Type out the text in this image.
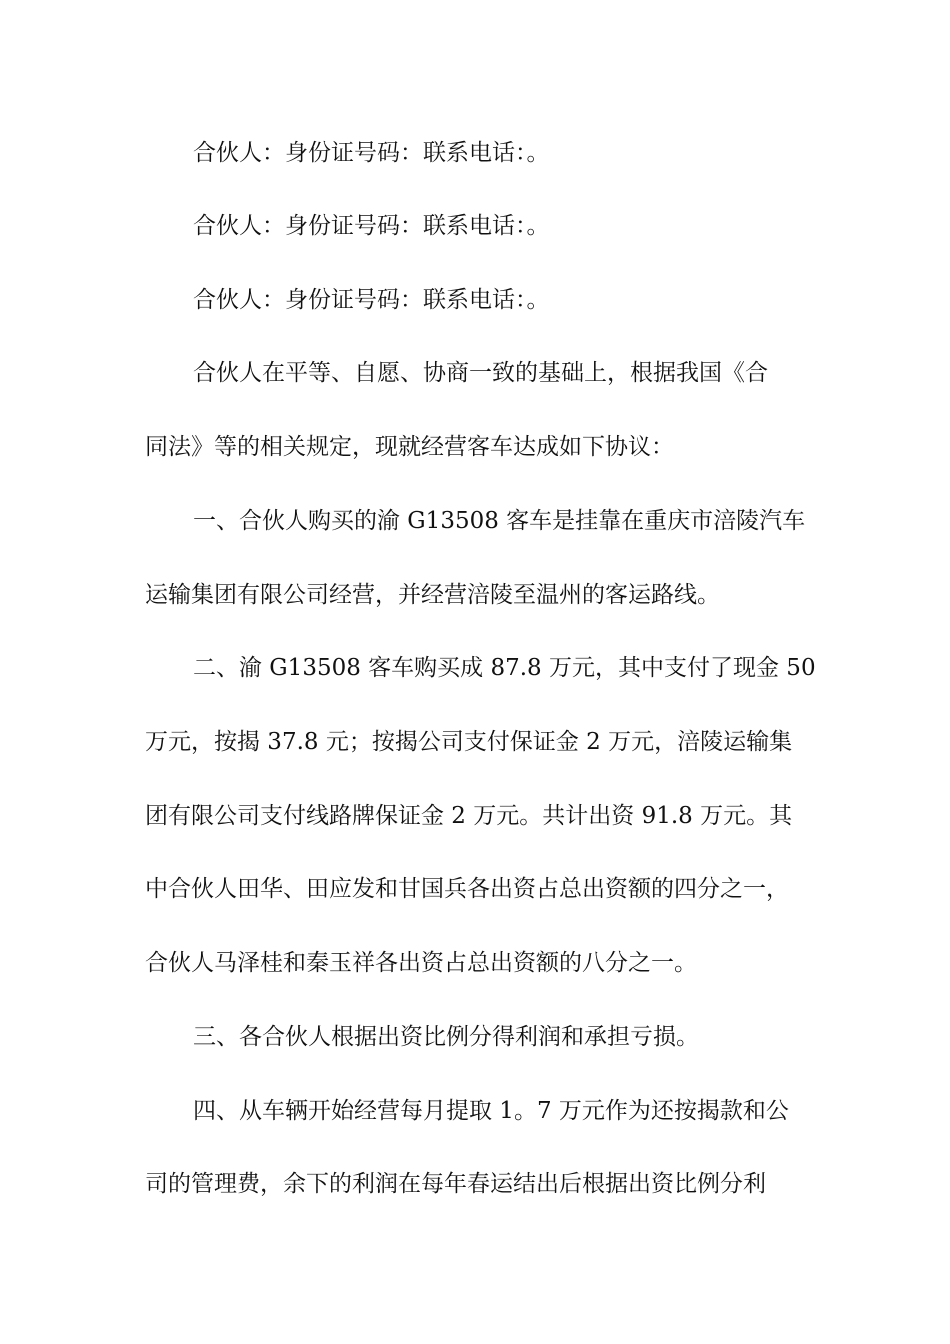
合伙人：身份证号码：联系电话：。

合伙人：身份证号码：联系电话：。

合伙人：身份证号码：联系电话：。

合伙人在平等、自愿、协商一致的基础上，根据我国《合

同法》等的相关规定，现就经营客车达成如下协议：

一、合伙人购买的渝 G13508 客车是挂靠在重庆市涪陵汽车

运输集团有限公司经营，并经营涪陵至温州的客运路线。

二、渝 G13508 客车购买成 87.8 万元，其中支付了现金 50

万元，按揭 37.8 元；按揭公司支付保证金 2 万元，涪陵运输集

团有限公司支付线路牌保证金 2 万元。共计出资 91.8 万元。其

中合伙人田华、田应发和甘国兵各出资占总出资额的四分之一，

合伙人马泽桂和秦玉祥各出资占总出资额的八分之一。

三、各合伙人根据出资比例分得利润和承担亏损。

四、从车辆开始经营每月提取 1。7 万元作为还按揭款和公

司的管理费，余下的利润在每年春运结出后根据出资比例分利
